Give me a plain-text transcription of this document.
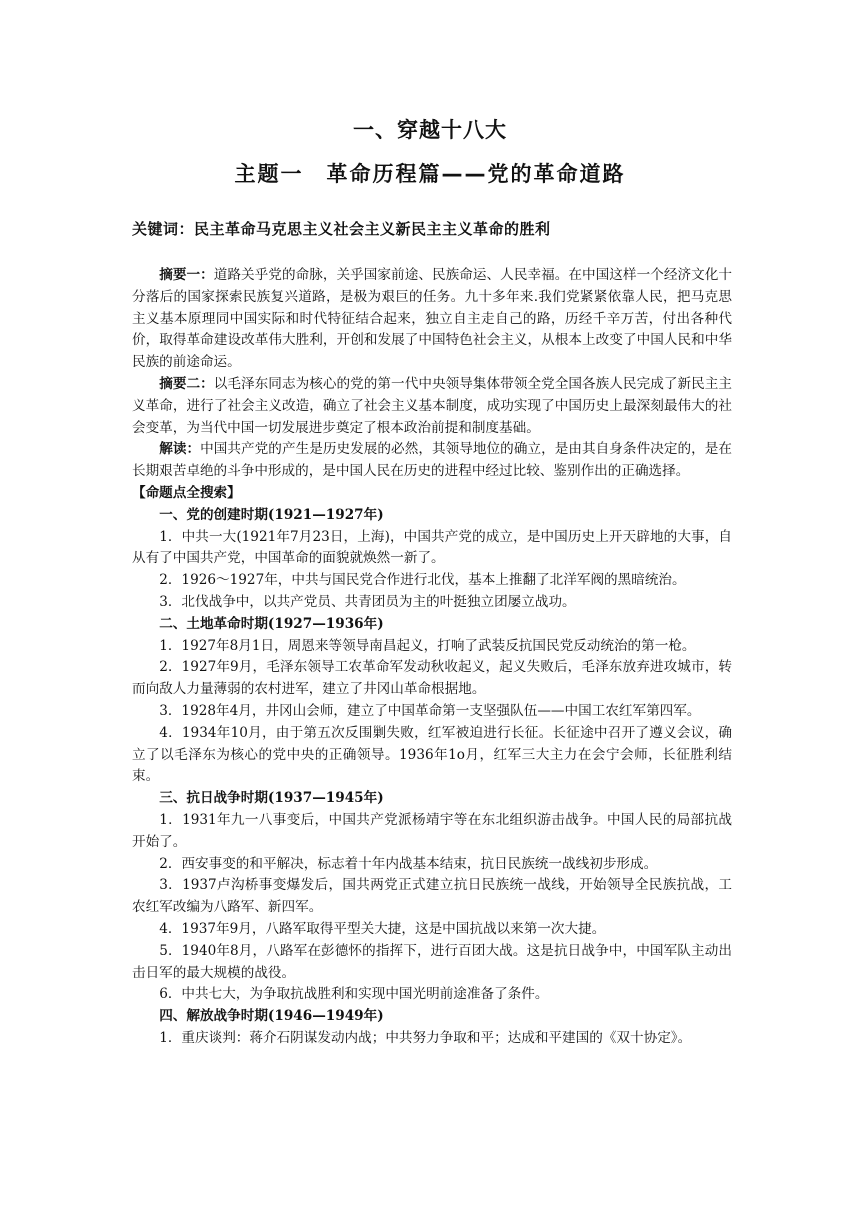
一、穿越十八大
主题一　革命历程篇——党的革命道路
关键词：民主革命马克思主义社会主义新民主主义革命的胜利

摘要一：道路关乎党的命脉，关乎国家前途、民族命运、人民幸福。在中国这样一个经济文化十分落后的国家探索民族复兴道路，是极为艰巨的任务。九十多年来.我们党紧紧依靠人民，把马克思主义基本原理同中国实际和时代特征结合起来，独立自主走自己的路，历经千辛万苦，付出各种代价，取得革命建设改革伟大胜利，开创和发展了中国特色社会主义，从根本上改变了中国人民和中华民族的前途命运。

摘要二：以毛泽东同志为核心的党的第一代中央领导集体带领全党全国各族人民完成了新民主主义革命，进行了社会主义改造，确立了社会主义基本制度，成功实现了中国历史上最深刻最伟大的社会变革，为当代中国一切发展进步奠定了根本政治前提和制度基础。

解读：中国共产党的产生是历史发展的必然，其领导地位的确立，是由其自身条件决定的，是在长期艰苦卓绝的斗争中形成的，是中国人民在历史的进程中经过比较、鉴别作出的正确选择。

【命题点全搜索】

一、党的创建时期(1921—1927年)

1．中共一大(1921年7月23日，上海)，中国共产党的成立，是中国历史上开天辟地的大事，自从有了中国共产党，中国革命的面貌就焕然一新了。

2．1926～1927年，中共与国民党合作进行北伐，基本上推翻了北洋军阀的黑暗统治。

3．北伐战争中，以共产党员、共青团员为主的叶挺独立团屡立战功。

二、土地革命时期(1927—1936年)

1．1927年8月1日，周恩来等领导南昌起义，打响了武装反抗国民党反动统治的第一枪。

2．1927年9月，毛泽东领导工农革命军发动秋收起义，起义失败后，毛泽东放弃进攻城市，转而向敌人力量薄弱的农村进军，建立了井冈山革命根据地。

3．1928年4月，井冈山会师，建立了中国革命第一支坚强队伍——中国工农红军第四军。

4．1934年10月，由于第五次反围剿失败，红军被迫进行长征。长征途中召开了遵义会议，确立了以毛泽东为核心的党中央的正确领导。1936年1o月，红军三大主力在会宁会师，长征胜利结束。

三、抗日战争时期(1937—1945年)

1．1931年九一八事变后，中国共产党派杨靖宇等在东北组织游击战争。中国人民的局部抗战开始了。

2．西安事变的和平解决，标志着十年内战基本结束，抗日民族统一战线初步形成。

3．1937卢沟桥事变爆发后，国共两党正式建立抗日民族统一战线，开始领导全民族抗战，工农红军改编为八路军、新四军。

4．1937年9月，八路军取得平型关大捷，这是中国抗战以来第一次大捷。

5．1940年8月，八路军在彭德怀的指挥下，进行百团大战。这是抗日战争中，中国军队主动出击日军的最大规模的战役。

6．中共七大，为争取抗战胜利和实现中国光明前途准备了条件。

四、解放战争时期(1946—1949年)

1．重庆谈判：蒋介石阴谋发动内战；中共努力争取和平；达成和平建国的《双十协定》。
